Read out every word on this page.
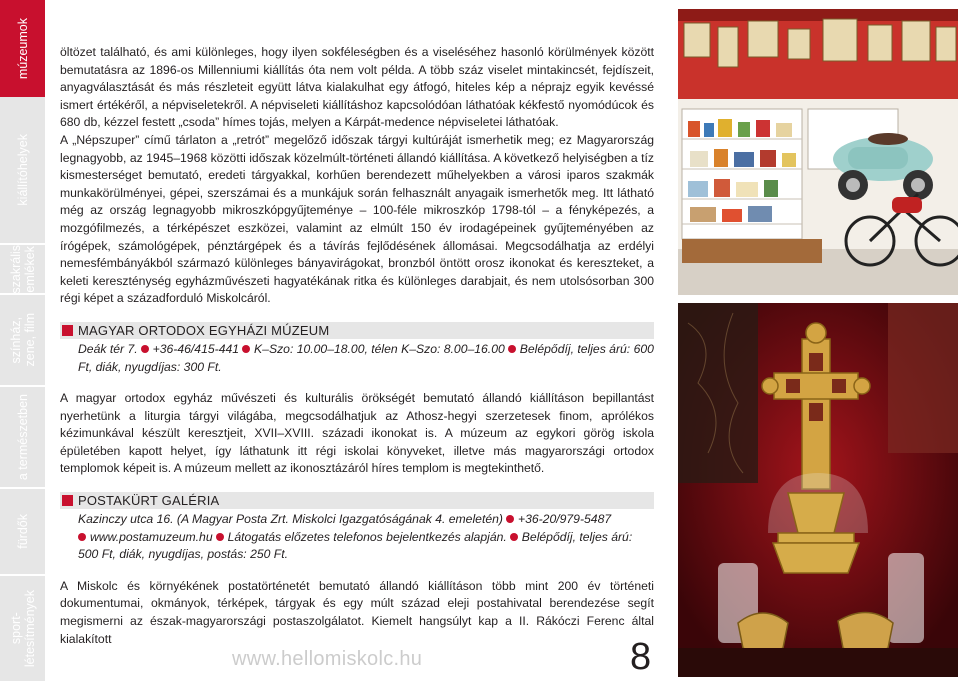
múzeumok
kiállítóhelyek
szakrális
emlékek
színház,
zene, film
a természetben
fürdők
sport-
létesítmények

öltözet található, és ami különleges, hogy ilyen sokféleségben és a viseléséhez hasonló körülmények között bemutatásra az 1896-os Millenniumi kiállítás óta nem volt példa. A több száz viselet mintakincsét, fejdíszeit, anyagválasztását és más részleteit együtt látva kialakulhat egy átfogó, hiteles kép a néprajz egyik kevéssé ismert értékéről, a népviseletekről. A népviseleti kiállításhoz kapcsolódóan láthatóak kékfestő nyomódúcok és 680 db, kézzel festett „csoda” hímes tojás, melyen a Kárpát-medence népviseletei láthatóak.

A „Népszuper” című tárlaton a „retrót” megelőző időszak tárgyi kultúráját ismerhetik meg; ez Magyarország legnagyobb, az 1945–1968 közötti időszak közelmúlt-történeti állandó kiállítása. A következő helyiségben a tíz kismesterséget bemutató, eredeti tárgyakkal, korhűen berendezett műhelyekben a városi iparos szakmák munkakörülményei, gépei, szerszámai és a munkájuk során felhasznált anyagaik ismerhetők meg. Itt látható még az ország legnagyobb mikroszkópgyűjteménye – 100-féle mikroszkóp 1798-tól – a fényképezés, a mozgófilmezés, a térképészet eszközei, valamint az elmúlt 150 év irodagépeinek gyűjteményében az írógépek, számológépek, pénztárgépek és a távírás fejlődésének állomásai. Megcsodálhatja az erdélyi nemesfémbányákból származó különleges bányavirágokat, bronzból öntött orosz ikonokat és kereszteket, a keleti kereszténység egyházművészeti hagyatékának ritka és különleges darabjait, és nem utolsósorban 300 régi képet a századforduló Miskolcáról.

MAGYAR ORTODOX EGYHÁZI MÚZEUM
Deák tér 7. +36-46/415-441 K–Szo: 10.00–18.00, télen K–Szo: 8.00–16.00 Belépődíj, teljes árú: 600
Ft, diák, nyugdíjas: 300 Ft.

A magyar ortodox egyház művészeti és kulturális örökségét bemutató állandó kiállításon bepillantást nyerhetünk a liturgia tárgyi világába, megcsodálhatjuk az Athosz-hegyi szerzetesek finom, aprólékos kézimunkával készült keresztjeit, XVII–XVIII. századi ikonokat is. A múzeum az egykori görög iskola épületében kapott helyet, így láthatunk itt régi iskolai könyveket, illetve más magyarországi ortodox templomok képeit is. A múzeum mellett az ikonosztázáról híres templom is megtekinthető.

POSTAKÜRT GALÉRIA
Kazinczy utca 16. (A Magyar Posta Zrt. Miskolci Igazgatóságának 4. emeletén) +36-20/979-5487
www.postamuzeum.hu Látogatás előzetes telefonos bejelentkezés alapján. Belépődíj, teljes árú:
500 Ft, diák, nyugdíjas, postás: 250 Ft.

A Miskolc és környékének postatörténetét bemutató állandó kiállításon több mint 200 év történeti dokumentumai, okmányok, térképek, tárgyak és egy múlt század eleji postahivatal berendezése segít megismerni az észak-magyarországi postaszolgálatot. Kiemelt hangsúlyt kap a II. Rákóczi Ferenc által kialakított

www.hellomiskolc.hu	8
